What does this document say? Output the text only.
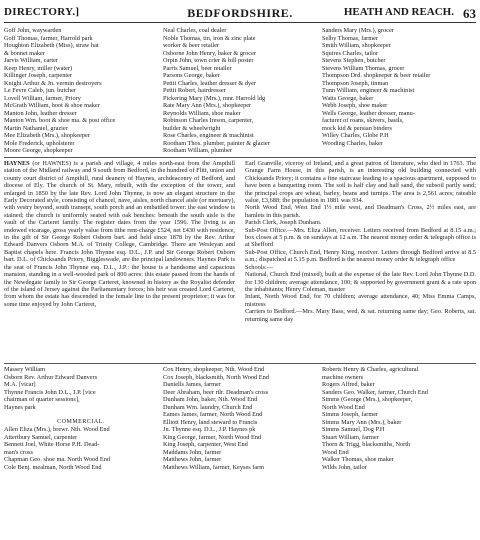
DIRECTORY.]	BEDFORDSHIRE.	HEATH AND REACH. 63
Goff John, waywarden
Goff Thomas, farmer, Harrold park
Houghton Elizabeth (Miss), straw hat
& bonnet maker
Jarvis William, carter
Keep Henry, miller (water)
Killinger Joseph, carpenter
Knight Arthur & Jn. vermin destroyers
Le Fevre Caleb, jun. butcher
Lovell William, farmer, Priory
McGrath William, boot & shoe maker
Manton John, leather dresser
Manton Wm. boot & shoe ma. & post office
Martin Nathaniel, grazier
Mee Elizabeth (Mrs.), shopkeeper
Mole Frederick, upholsterer
Moore George, shopkeeper
Neal Charles, coal dealer
Noble Thomas, tin, iron & zinc plate
worker & beer retailer
Osborne John Henry, baker & grocer
Orpin John, town crier & bill poster
Parris Samuel, beer retailer
Parsons George, baker
Pettit Charles, leather dresser & dyer
Pettit Robert, hairdresser
Pickering Mary (Mrs.), mnr. Harrold ldg
Rate Mary Ann (Mrs.), shopkeeper
Reynolds William, shoe maker
Robinson Charles Ireson, carpenter,
builder & wheelwright
Rose Charles, engineer & machinist
Rootham Thos. plumber, painter & glazier
Rootham William, plumber
Sanders Mary (Mrs.), grocer
Selby Thomas, farmer
Smith William, shopkeeper
Squires Charles, tailor
Stevens Stephen, butcher
Stevens William Thomas, grocer
Thompson Drd. shopkeeper & beer retailer
Thompson Joseph, tinman
Tunn William, engineer & machinist
Watts George, baker
Webb Joseph, shoe maker
Wells George, leather dresser, manu-
facturer of roans, skivers, basils,
mock kid & persian binders
Willey Charles, Globe P.H
Wooding Charles, baker

HAYNES (or HAWNES) is a parish and village, 4 miles north-east from the Ampthill station of the Midland railway and 9 south from Bedford, in the hundred of Flitt, union and county court district of Ampthill, rural deanery of Haynes, archdeaconry of Bedford, and diocese of Ely. The church of St. Mary, rebuilt, with the exception of the tower, and enlarged in 1850 by the late Rev. Lord John Thynne, is now an elegant structure in the Early Decorated style, consisting of chancel, nave, aisles, north chancel aisle (or mortuary), with vestry beyond, south transept, south porch and an embattled tower: the east window is stained; the church is uniformly seated with oak benches: beneath the south aisle is the vault of the Carteret family. The register dates from the year 1596. The living is an endowed vicarage, gross yearly value from tithe rent-charge £524, net £430 with residence, in the gift of Sir George Robert Osborn bart. and held since 1878 by the Rev. Arthur Edward Danvers Osborn M.A. of Trinity College, Cambridge. There are Wesleyan and Baptist chapels here. Francis John Thynne esq. D.L., J.P. and Sir George Robert Osborn bart. D.L. of Chicksands Priory, Biggleswade, are the principal landowners. Haynes Park is the seat of Francis John Thynne esq. D.L., J.P.: the house is a handsome and capacious mansion, standing in a well-wooded park of 800 acres: this estate passed from the hands of the Newdegate family to Sir George Carteret, knowned in history as the Royalist defender of the island of Jersey against the Parliamentary forces; his heir was created Lord Carteret, from whom the estate has descended in the female line to the present proprietor; it was for some time enjoyed by John Carteret,

Earl Granville, viceroy of Ireland, and a great patron of literature, who died in 1763. The Grange Farm House, in this parish, is an interesting old building connected with Chicksands Priory; it contains a fine staircase leading to a spacious apartment, supposed to have been a banqueting room. The soil is half clay and half sand, the subsoil partly sand; the principal crops are wheat, barley, beans and turnips. The area is 2,561 acres; rateable value, £3,688; the population in 1881 was 934.

North Wood End, West End 1½ mile west, and Deadman's Cross, 2½ miles east, are hamlets in this parish.

Parish Clerk, Joseph Dunham.

Sub-Post Office.—Mrs. Eliza Allen, receiver. Letters received from Bedford at 8.15 a.m.; box closes at 5 p.m. & on sundays at 12 a.m. The nearest money order & telegraph office is at Shefford

Sub-Post Office, Church End, Henry King, receiver. Letters through Bedford arrive at 8.5 a.m.; dispatched at 5.15 p.m. Bedford is the nearest money order & telegraph office

Schools:—

National, Church End (mixed), built at the expense of the late Rev. Lord John Thynne D.D. for 130 children; average attendance, 100; & supported by government grant & a rate upon the inhabitants; Henry Coleman, master

Infant, North Wood End, for 70 children; average attendance, 40; Miss Emma Camps, mistress

Carriers to Bedford.—Mrs. Mary Bass, wed. & sat. returning same day; Geo. Roberts, sat. returning same day

Massey William
Osborn Rev. Arthur Edward Danvers
M.A. [vicar]
Thynne Francis John D.L., J.P. [vice
chairman of quarter sessions],
Haynes park
COMMERCIAL.
Allen Eliza (Mrs.), brewr. Nth. Wood End
Attertbury Samuel, carpenter
Bennett Joel, White Horse P.H. Dead-
man's cross
Chapman Geo. shoe ma. North Wood End
Cole Benj. mealman, North Wood End
Cox Henry, shopkeeper, Nth. Wood End
Cox Joseph, blacksmith, North Wood End
Daniells James, farmer
Deer Abraham, beer rtlr. Deadman's cross
Dunham John, baker, Nth. Wood End
Dunham Wm. laundry, Church End
Eames James, farmer, North Wood End
Elliott Henry, land steward to Francis
Jn. Thynne esq. D.L., J.P. Haynes pk
King George, farmer, North Wood End
King Joseph, carpenter, West End
Maddams John, farmer
Matthews John, farmer
Matthews William, farmer, Keyses farm
Roberts Henry & Charles, agricultural
machine owners
Rogers Alfred, baker
Sanders Geo. Walker, farmer, Church End
Simms (George (Mrs.), shopkeeper,
North Wood End
Simms Joseph, farmer
Simms Mary Ann (Mrs.), baker
Simms Samuel, Dog P.H
Stuart William, farmer
Thorn & Trigg, blacksmiths, North
Wood End
Walker Thomas, shoe maker
Wilds John, tailor
